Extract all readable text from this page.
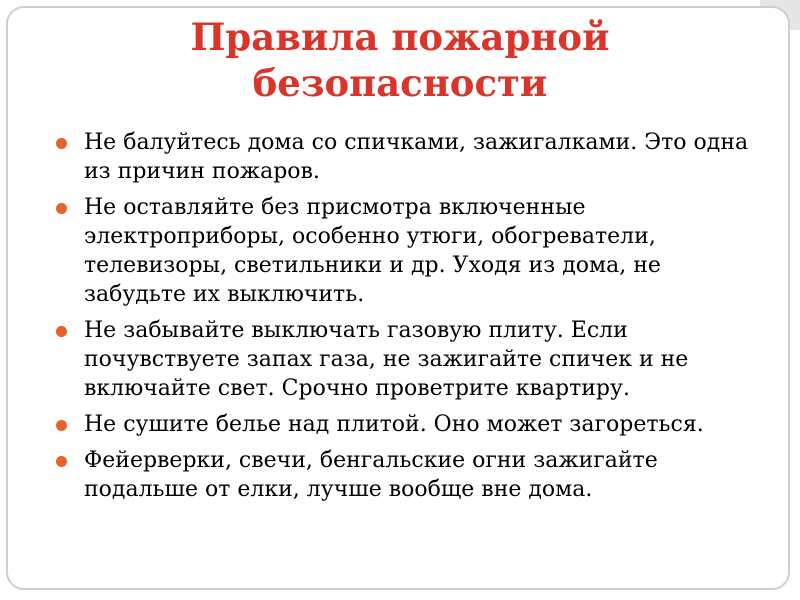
Правила пожарной
безопасности
Не балуйтесь дома со спичками, зажигалками. Это одна из причин пожаров.
Не оставляйте без присмотра включенные электроприборы, особенно утюги, обогреватели, телевизоры, светильники и др. Уходя из дома, не забудьте их выключить.
Не забывайте выключать газовую плиту. Если почувствуете запах газа, не зажигайте спичек и не включайте свет. Срочно проветрите квартиру.
Не сушите белье над плитой. Оно может загореться.
Фейерверки, свечи, бенгальские огни зажигайте подальше от елки, лучше вообще вне дома.
